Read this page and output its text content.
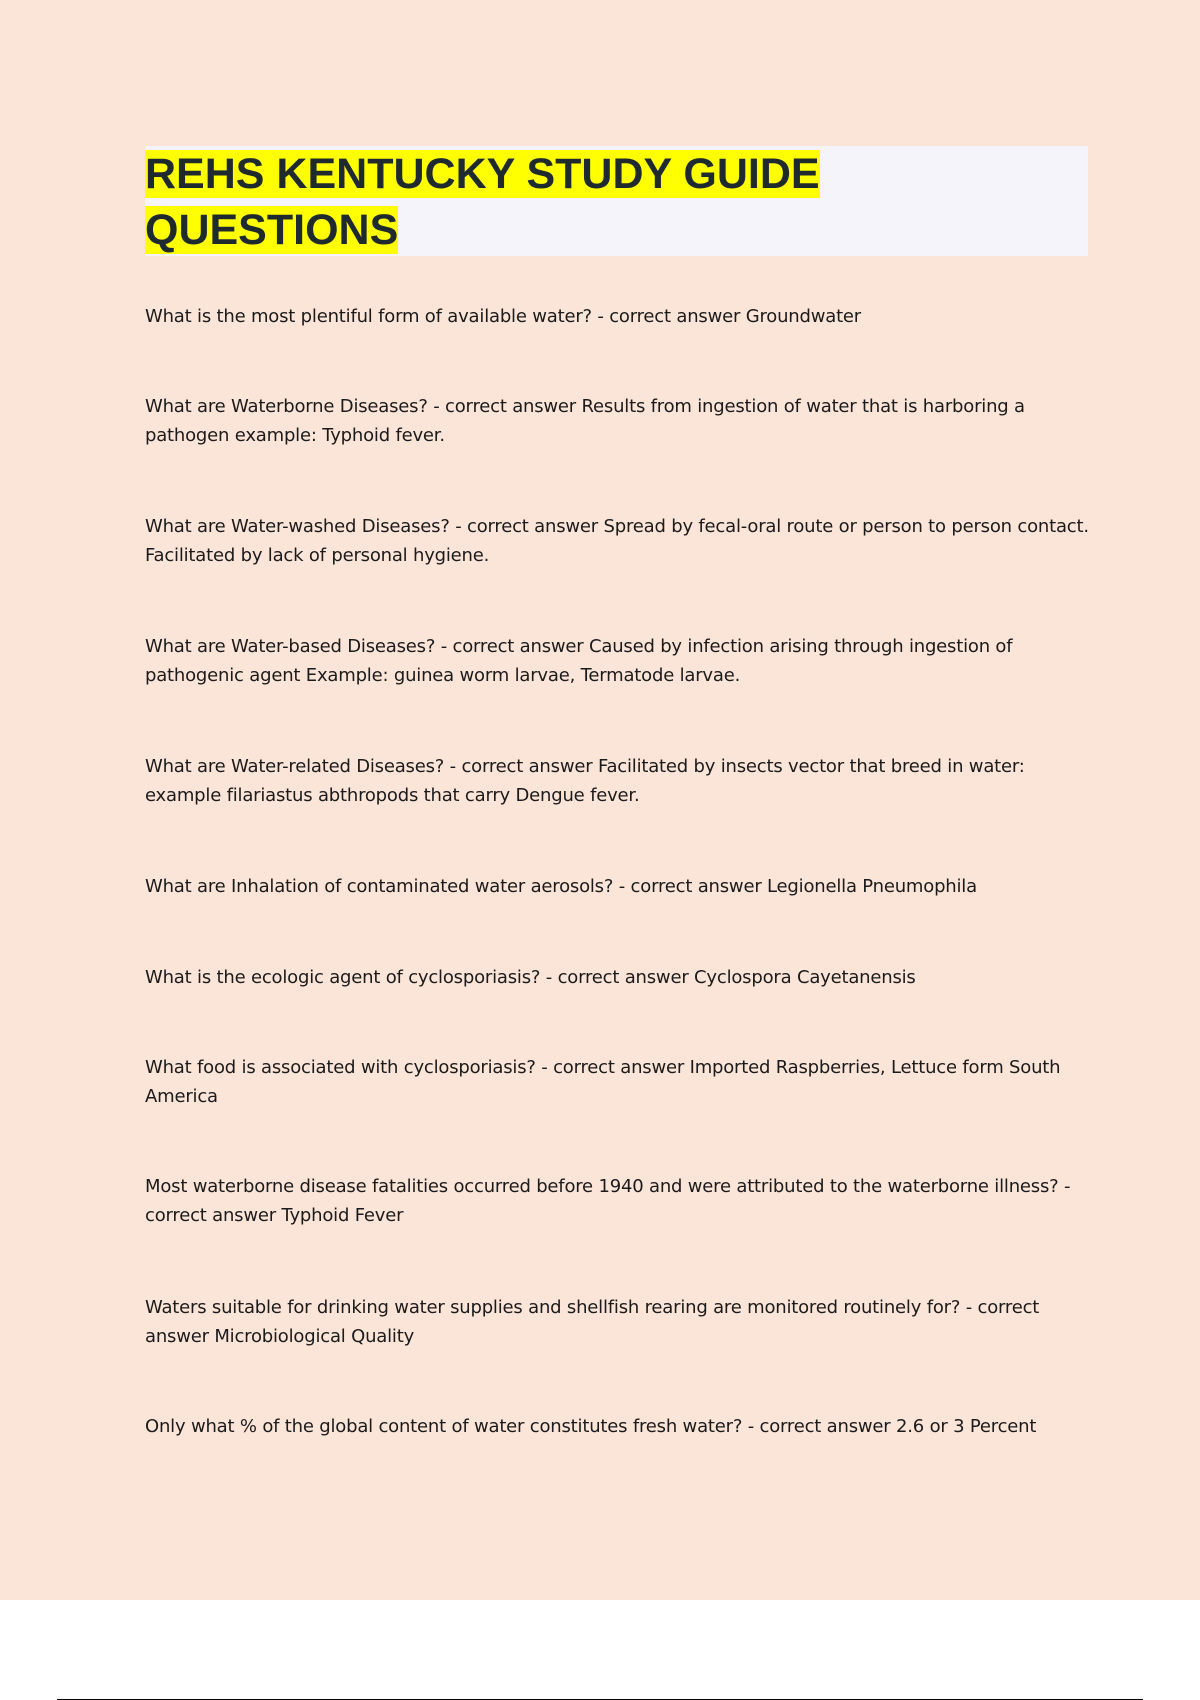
REHS KENTUCKY STUDY GUIDE
QUESTIONS
What is the most plentiful form of available water? - correct answer Groundwater
What are Waterborne Diseases? - correct answer Results from ingestion of water that is harboring a pathogen example: Typhoid fever.
What are Water-washed Diseases? - correct answer Spread by fecal-oral route or person to person contact. Facilitated by lack of personal hygiene.
What are Water-based Diseases? - correct answer Caused by infection arising through ingestion of pathogenic agent Example: guinea worm larvae, Termatode larvae.
What are Water-related Diseases? - correct answer Facilitated by insects vector that breed in water: example filariastus abthropods that carry Dengue fever.
What are Inhalation of contaminated water aerosols? - correct answer Legionella Pneumophila
What is the ecologic agent of cyclosporiasis? - correct answer Cyclospora Cayetanensis
What food is associated with cyclosporiasis? - correct answer Imported Raspberries, Lettuce form South America
Most waterborne disease fatalities occurred before 1940 and were attributed to the waterborne illness? - correct answer Typhoid Fever
Waters suitable for drinking water supplies and shellfish rearing are monitored routinely for? - correct answer Microbiological Quality
Only what % of the global content of water constitutes fresh water? - correct answer 2.6 or 3 Percent
